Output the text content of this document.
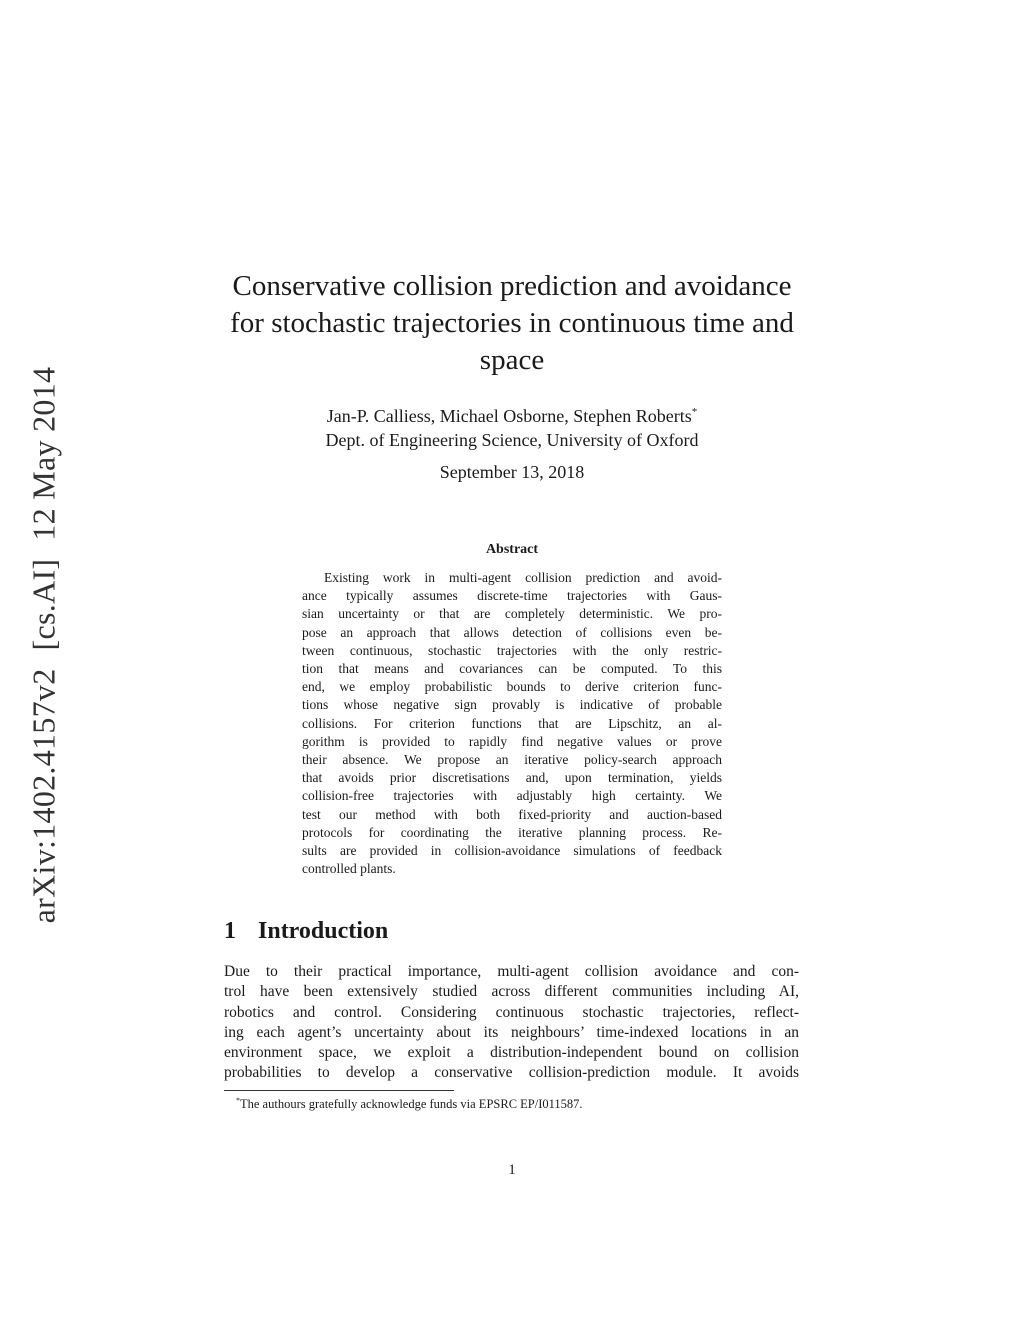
arXiv:1402.4157v2
[cs.AI]
12 May 2014
Conservative collision prediction and avoidance
for stochastic trajectories in continuous time and
space
Jan-P. Calliess, Michael Osborne, Stephen Roberts*
Dept. of Engineering Science, University of Oxford
September 13, 2018
Abstract
Existing work in multi-agent collision prediction and avoid-
ance typically assumes discrete-time trajectories with Gaus-
sian uncertainty or that are completely deterministic. We pro-
pose an approach that allows detection of collisions even be-
tween continuous, stochastic trajectories with the only restric-
tion that means and covariances can be computed. To this
end, we employ probabilistic bounds to derive criterion func-
tions whose negative sign provably is indicative of probable
collisions. For criterion functions that are Lipschitz, an al-
gorithm is provided to rapidly find negative values or prove
their absence. We propose an iterative policy-search approach
that avoids prior discretisations and, upon termination, yields
collision-free trajectories with adjustably high certainty. We
test our method with both fixed-priority and auction-based
protocols for coordinating the iterative planning process. Re-
sults are provided in collision-avoidance simulations of feedback
controlled plants.
1 Introduction
Due to their practical importance, multi-agent collision avoidance and con-
trol have been extensively studied across different communities including AI,
robotics and control. Considering continuous stochastic trajectories, reflect-
ing each agent’s uncertainty about its neighbours’ time-indexed locations in an
environment space, we exploit a distribution-independent bound on collision
probabilities to develop a conservative collision-prediction module. It avoids
*The authours gratefully acknowledge funds via EPSRC EP/I011587.
1
